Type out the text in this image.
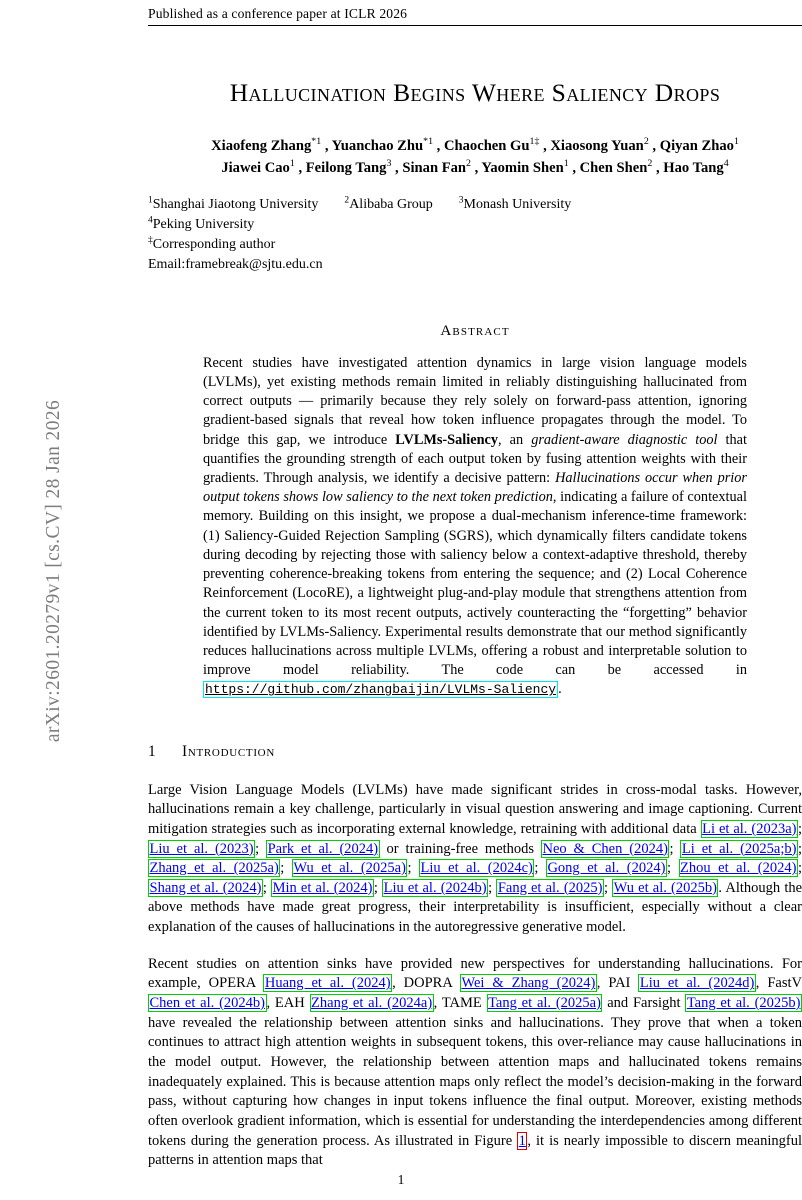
arXiv:2601.20279v1 [cs.CV] 28 Jan 2026
Published as a conference paper at ICLR 2026
Hallucination Begins Where Saliency Drops
Xiaofeng Zhang$^{*1}$ , Yuanchao Zhu$^{*1}$ , Chaochen $Gu^{1\ddagger}$ , Xiaosong Yuan$^2$ , Qiyan Zhao$^1$
Jiawei Cao$^1$ , Feilong Tang$^3$ , Sinan Fan$^2$ , Yaomin Shen$^1$ , Chen Shen$^2$ , Hao Tang$^4$
$^1$Shanghai Jiaotong University	$^2$Alibaba Group	$^3$Monash University
$^4$Peking University
‡Corresponding author
Email:framebreak@sjtu.edu.cn
Abstract
Recent studies have investigated attention dynamics in large vision language models (LVLMs), yet existing methods remain limited in reliably distinguishing hallucinated from correct outputs — primarily because they rely solely on forward-pass attention, ignoring gradient-based signals that reveal how token influence propagates through the model. To bridge this gap, we introduce LVLMs-Saliency, an gradient-aware diagnostic tool that quantifies the grounding strength of each output token by fusing attention weights with their gradients. Through analysis, we identify a decisive pattern: Hallucinations occur when prior output tokens shows low saliency to the next token prediction, indicating a failure of contextual memory. Building on this insight, we propose a dual-mechanism inference-time framework: (1) Saliency-Guided Rejection Sampling (SGRS), which dynamically filters candidate tokens during decoding by rejecting those with saliency below a context-adaptive threshold, thereby preventing coherence-breaking tokens from entering the sequence; and (2) Local Coherence Reinforcement (LocoRE), a lightweight plug-and-play module that strengthens attention from the current token to its most recent outputs, actively counteracting the “forgetting” behavior identified by LVLMs-Saliency. Experimental results demonstrate that our method significantly reduces hallucinations across multiple LVLMs, offering a robust and interpretable solution to improve model reliability. The code can be accessed in https://github.com/zhangbaijin/LVLMs-Saliency .
1 Introduction
Large Vision Language Models (LVLMs) have made significant strides in cross-modal tasks. However, hallucinations remain a key challenge, particularly in visual question answering and image captioning. Current mitigation strategies such as incorporating external knowledge, retraining with additional data Li et al. (2023a) ; Liu et al. (2023) ; Park et al. (2024) or training-free methods Neo & Chen (2024) ; Li et al. (2025a;b) ; Zhang et al. (2025a) ; Wu et al. (2025a) ; Liu et al. (2024c) ; Gong et al. (2024) ; Zhou et al. (2024) ; Shang et al. (2024) ; Min et al. (2024) ; Liu et al. (2024b) ; Fang et al. (2025) ; Wu et al. (2025b) . Although the above methods have made great progress, their interpretability is insufficient, especially without a clear explanation of the causes of hallucinations in the autoregressive generative model.
Recent studies on attention sinks have provided new perspectives for understanding hallucinations. For example, OPERA Huang et al. (2024) , DOPRA Wei & Zhang (2024) , PAI Liu et al. (2024d) , FastV Chen et al. (2024b) , EAH Zhang et al. (2024a) , TAME Tang et al. (2025a) and Farsight Tang et al. (2025b) have revealed the relationship between attention sinks and hallucinations. They prove that when a token continues to attract high attention weights in subsequent tokens, this over-reliance may cause hallucinations in the model output. However, the relationship between attention maps and hallucinated tokens remains inadequately explained. This is because attention maps only reflect the model’s decision-making in the forward pass, without capturing how changes in input tokens influence the final output. Moreover, existing methods often overlook gradient information, which is essential for understanding the interdependencies among different tokens during the generation process. As illustrated in Figure 1 , it is nearly impossible to discern meaningful patterns in attention maps that
1
